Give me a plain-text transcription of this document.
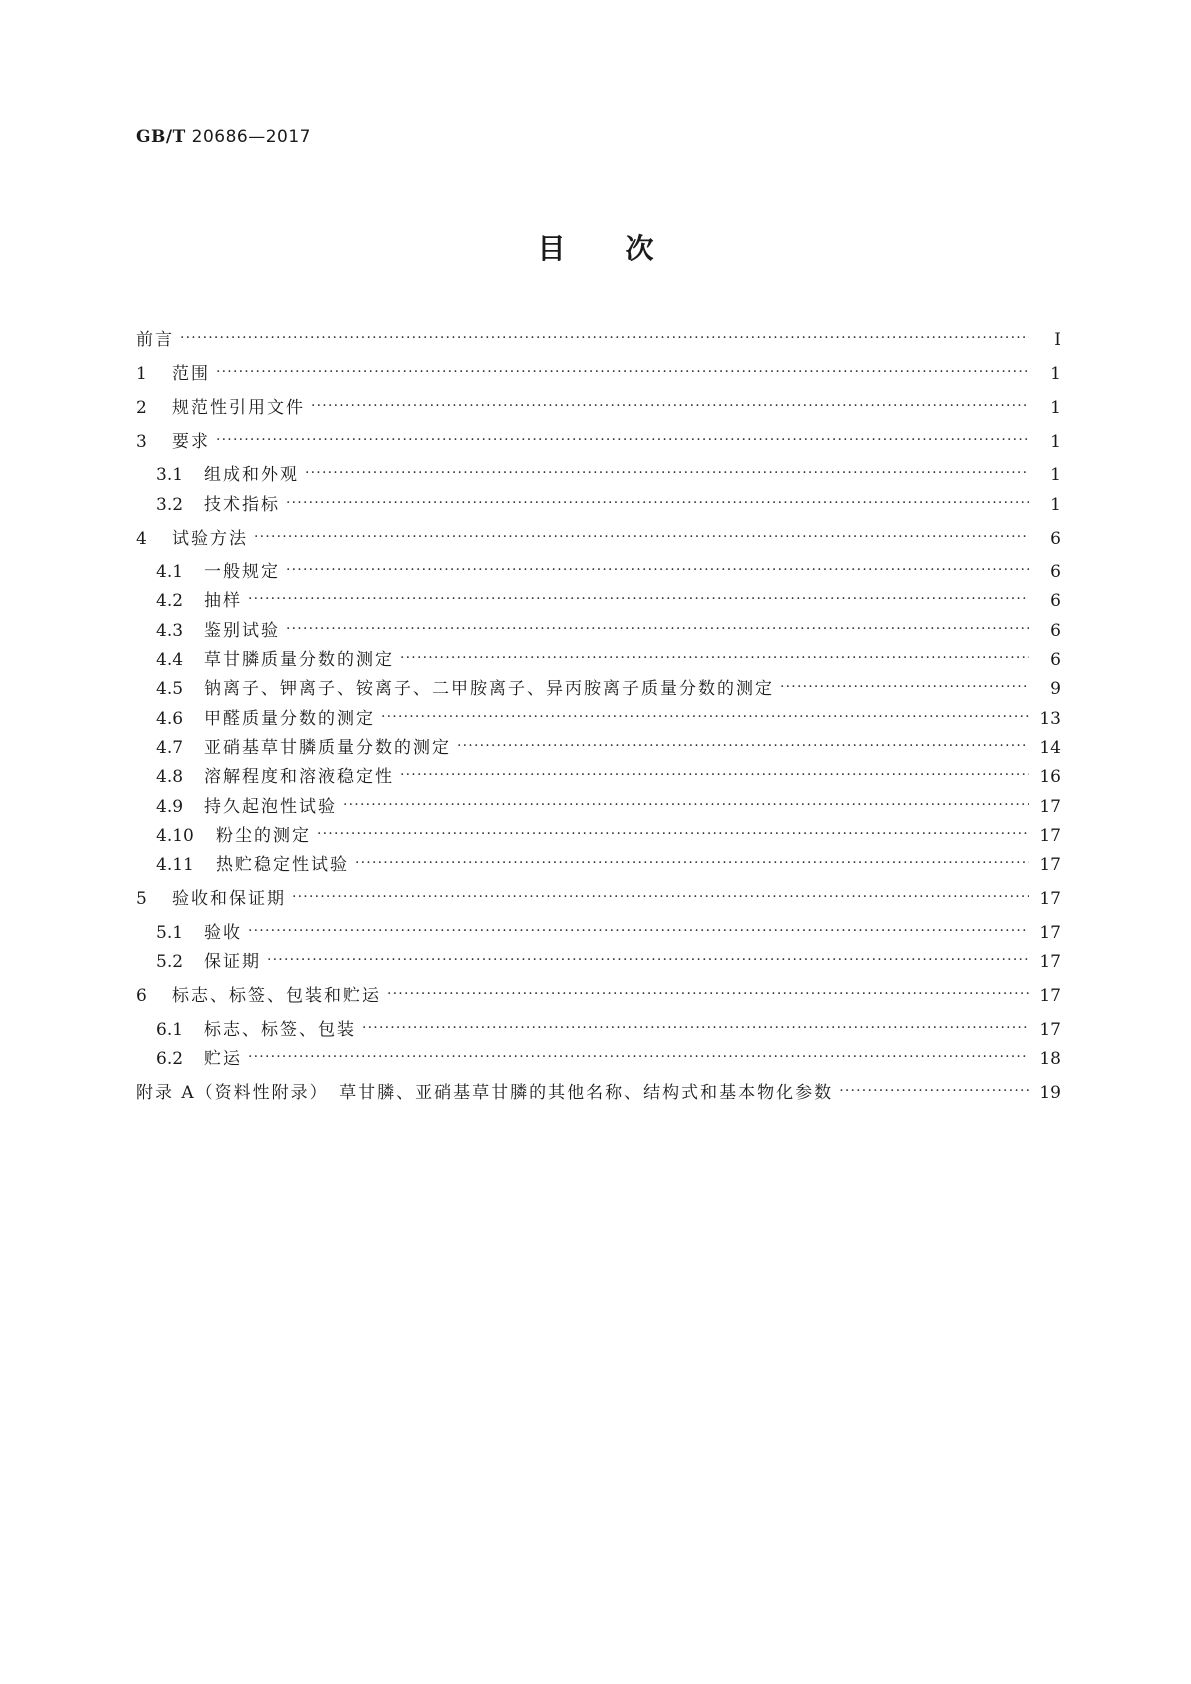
GB/T 20686—2017
目次
前言 ·····	Ⅰ
1	范围 ·····	1
2	规范性引用文件 ·····	1
3	要求 ·····	1
3.1	组成和外观 ·····	1
3.2	技术指标 ·····	1
4	试验方法 ·····	6
4.1	一般规定 ·····	6
4.2	抽样 ·····	6
4.3	鉴别试验 ·····	6
4.4	草甘膦质量分数的测定 ·····	6
4.5	钠离子、钾离子、铵离子、二甲胺离子、异丙胺离子质量分数的测定 ·····	9
4.6	甲醛质量分数的测定 ·····	13
4.7	亚硝基草甘膦质量分数的测定 ·····	14
4.8	溶解程度和溶液稳定性 ·····	16
4.9	持久起泡性试验 ·····	17
4.10	粉尘的测定 ·····	17
4.11	热贮稳定性试验 ·····	17
5	验收和保证期 ·····	17
5.1	验收 ·····	17
5.2	保证期 ·····	17
6	标志、标签、包装和贮运 ·····	17
6.1	标志、标签、包装 ·····	17
6.2	贮运 ·····	18
附录 A（资料性附录）　草甘膦、亚硝基草甘膦的其他名称、结构式和基本物化参数 ·····	19
